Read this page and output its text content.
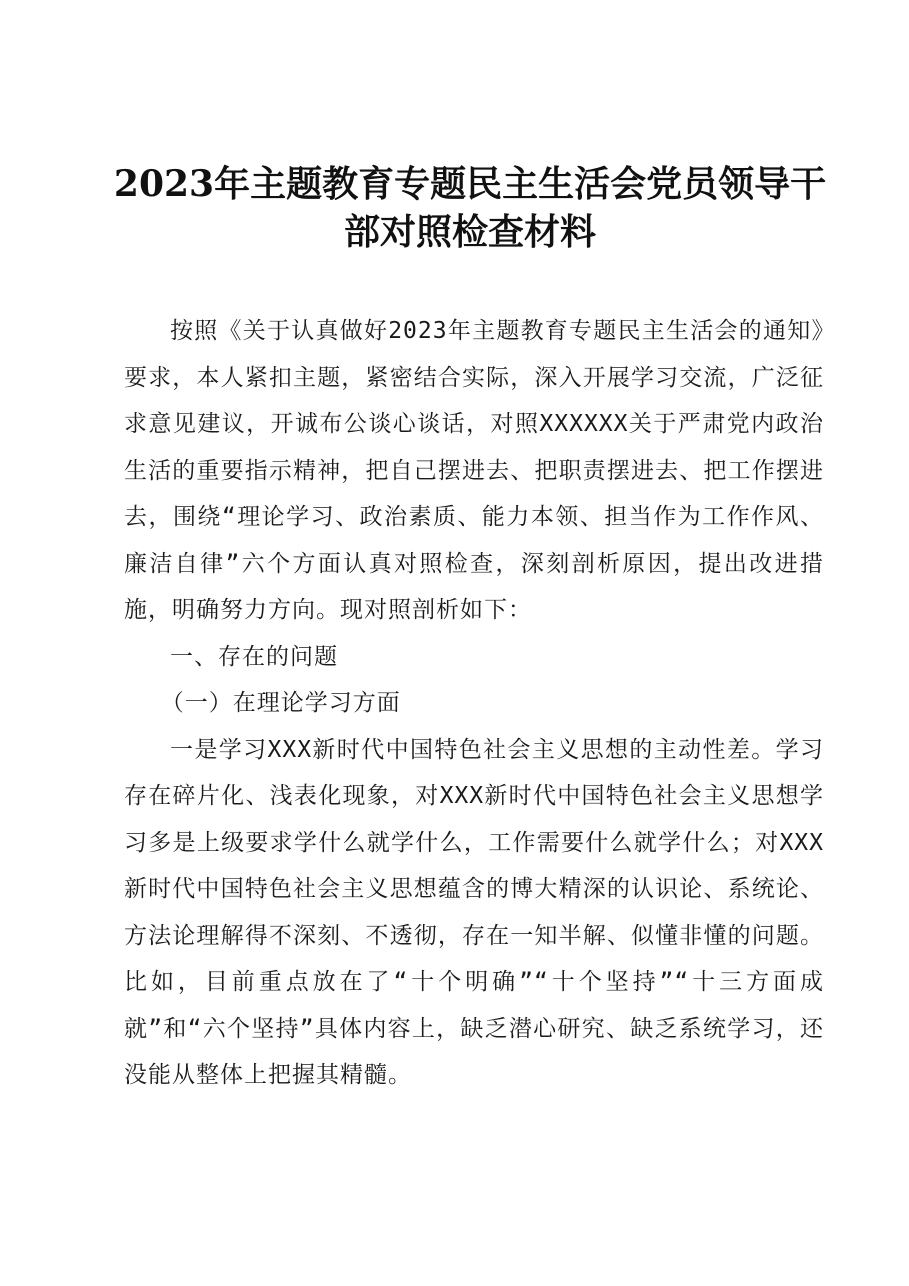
2023年主题教育专题民主生活会党员领导干部对照检查材料

按照《关于认真做好2023年主题教育专题民主生活会的通知》要求，本人紧扣主题，紧密结合实际，深入开展学习交流，广泛征求意见建议，开诚布公谈心谈话，对照XXXXXX关于严肃党内政治生活的重要指示精神，把自己摆进去、把职责摆进去、把工作摆进去，围绕“理论学习、政治素质、能力本领、担当作为工作作风、廉洁自律”六个方面认真对照检查，深刻剖析原因，提出改进措施，明确努力方向。现对照剖析如下：

一、存在的问题

（一）在理论学习方面

一是学习XXX新时代中国特色社会主义思想的主动性差。学习存在碎片化、浅表化现象，对XXX新时代中国特色社会主义思想学习多是上级要求学什么就学什么，工作需要什么就学什么；对XXX新时代中国特色社会主义思想蕴含的博大精深的认识论、系统论、方法论理解得不深刻、不透彻，存在一知半解、似懂非懂的问题。比如，目前重点放在了“十个明确”“十个坚持”“十三方面成就”和“六个坚持”具体内容上，缺乏潜心研究、缺乏系统学习，还没能从整体上把握其精髓。
